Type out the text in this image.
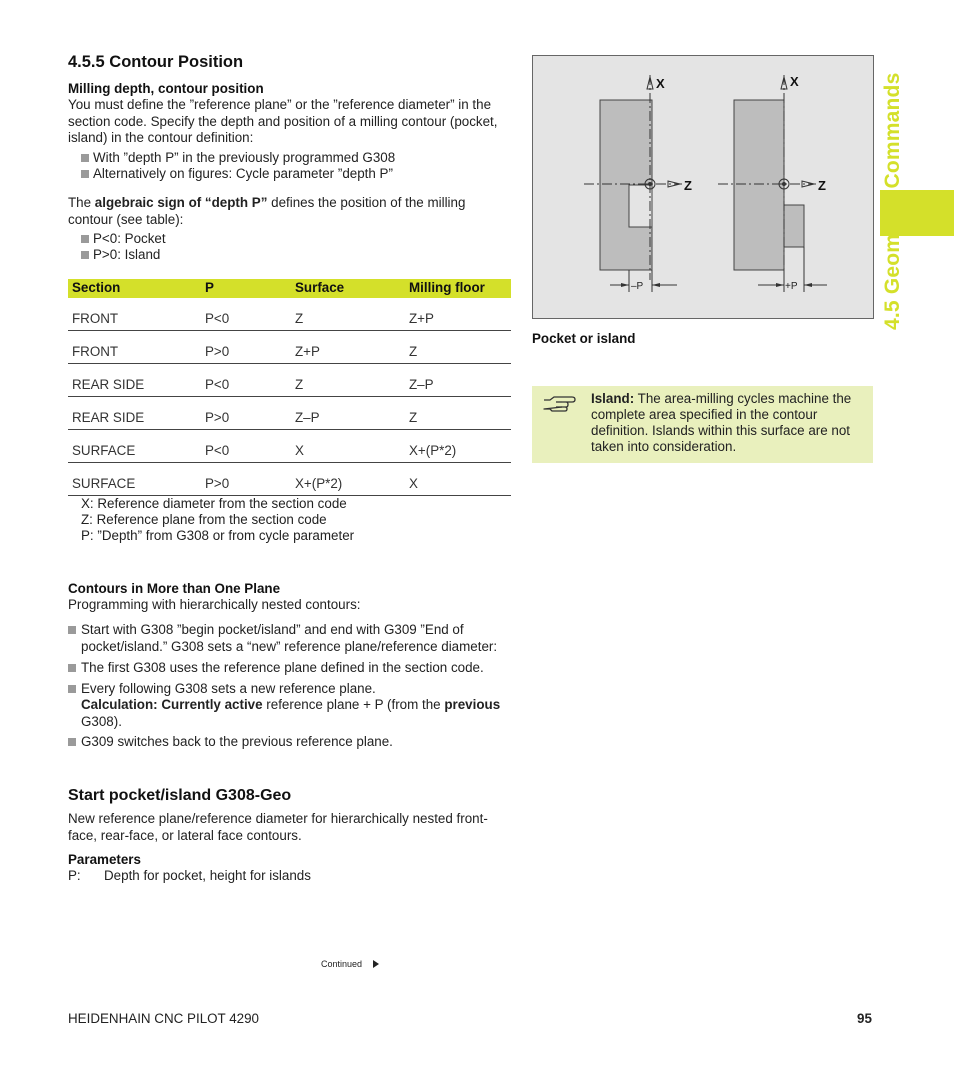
4.5.5 Contour Position
Milling depth, contour position
You must define the ”reference plane” or the ”reference diameter” in the section code. Specify the depth and position of a milling contour (pocket, island) in the contour definition:
With ”depth P” in the previously programmed G308
Alternatively on figures: Cycle parameter ”depth P”
The algebraic sign of “depth P” defines the position of the milling contour (see table):
P<0: Pocket
P>0: Island
Section	P	Surface	Milling floor
FRONT	P<0	Z	Z+P
FRONT	P>0	Z+P	Z
REAR SIDE	P<0	Z	Z–P
REAR SIDE	P>0	Z–P	Z
SURFACE	P<0	X	X+(P*2)
SURFACE	P>0	X+(P*2)	X
X: Reference diameter from the section code
Z: Reference plane from the section code
P: ”Depth” from G308 or from cycle parameter
Contours in More than One Plane
Programming with hierarchically nested contours:
Start with G308 ”begin pocket/island” and end with G309 ”End of pocket/island.” G308 sets a “new” reference plane/reference diameter:
The first G308 uses the reference plane defined in the section code.
Every following G308 sets a new reference plane.
Calculation: Currently active reference plane + P (from the previous G308).
G309 switches back to the previous reference plane.
Start pocket/island G308-Geo
New reference plane/reference diameter for hierarchically nested front-face, rear-face, or lateral face contours.
Parameters
P: Depth for pocket, height for islands
Continued
X
Z
–P
X
Z
+P
Pocket or island
Island: The area-milling cycles machine the complete area specified in the contour definition. Islands within this surface are not taken into consideration.
4.5 Geometry Commands
HEIDENHAIN CNC PILOT 4290	95
